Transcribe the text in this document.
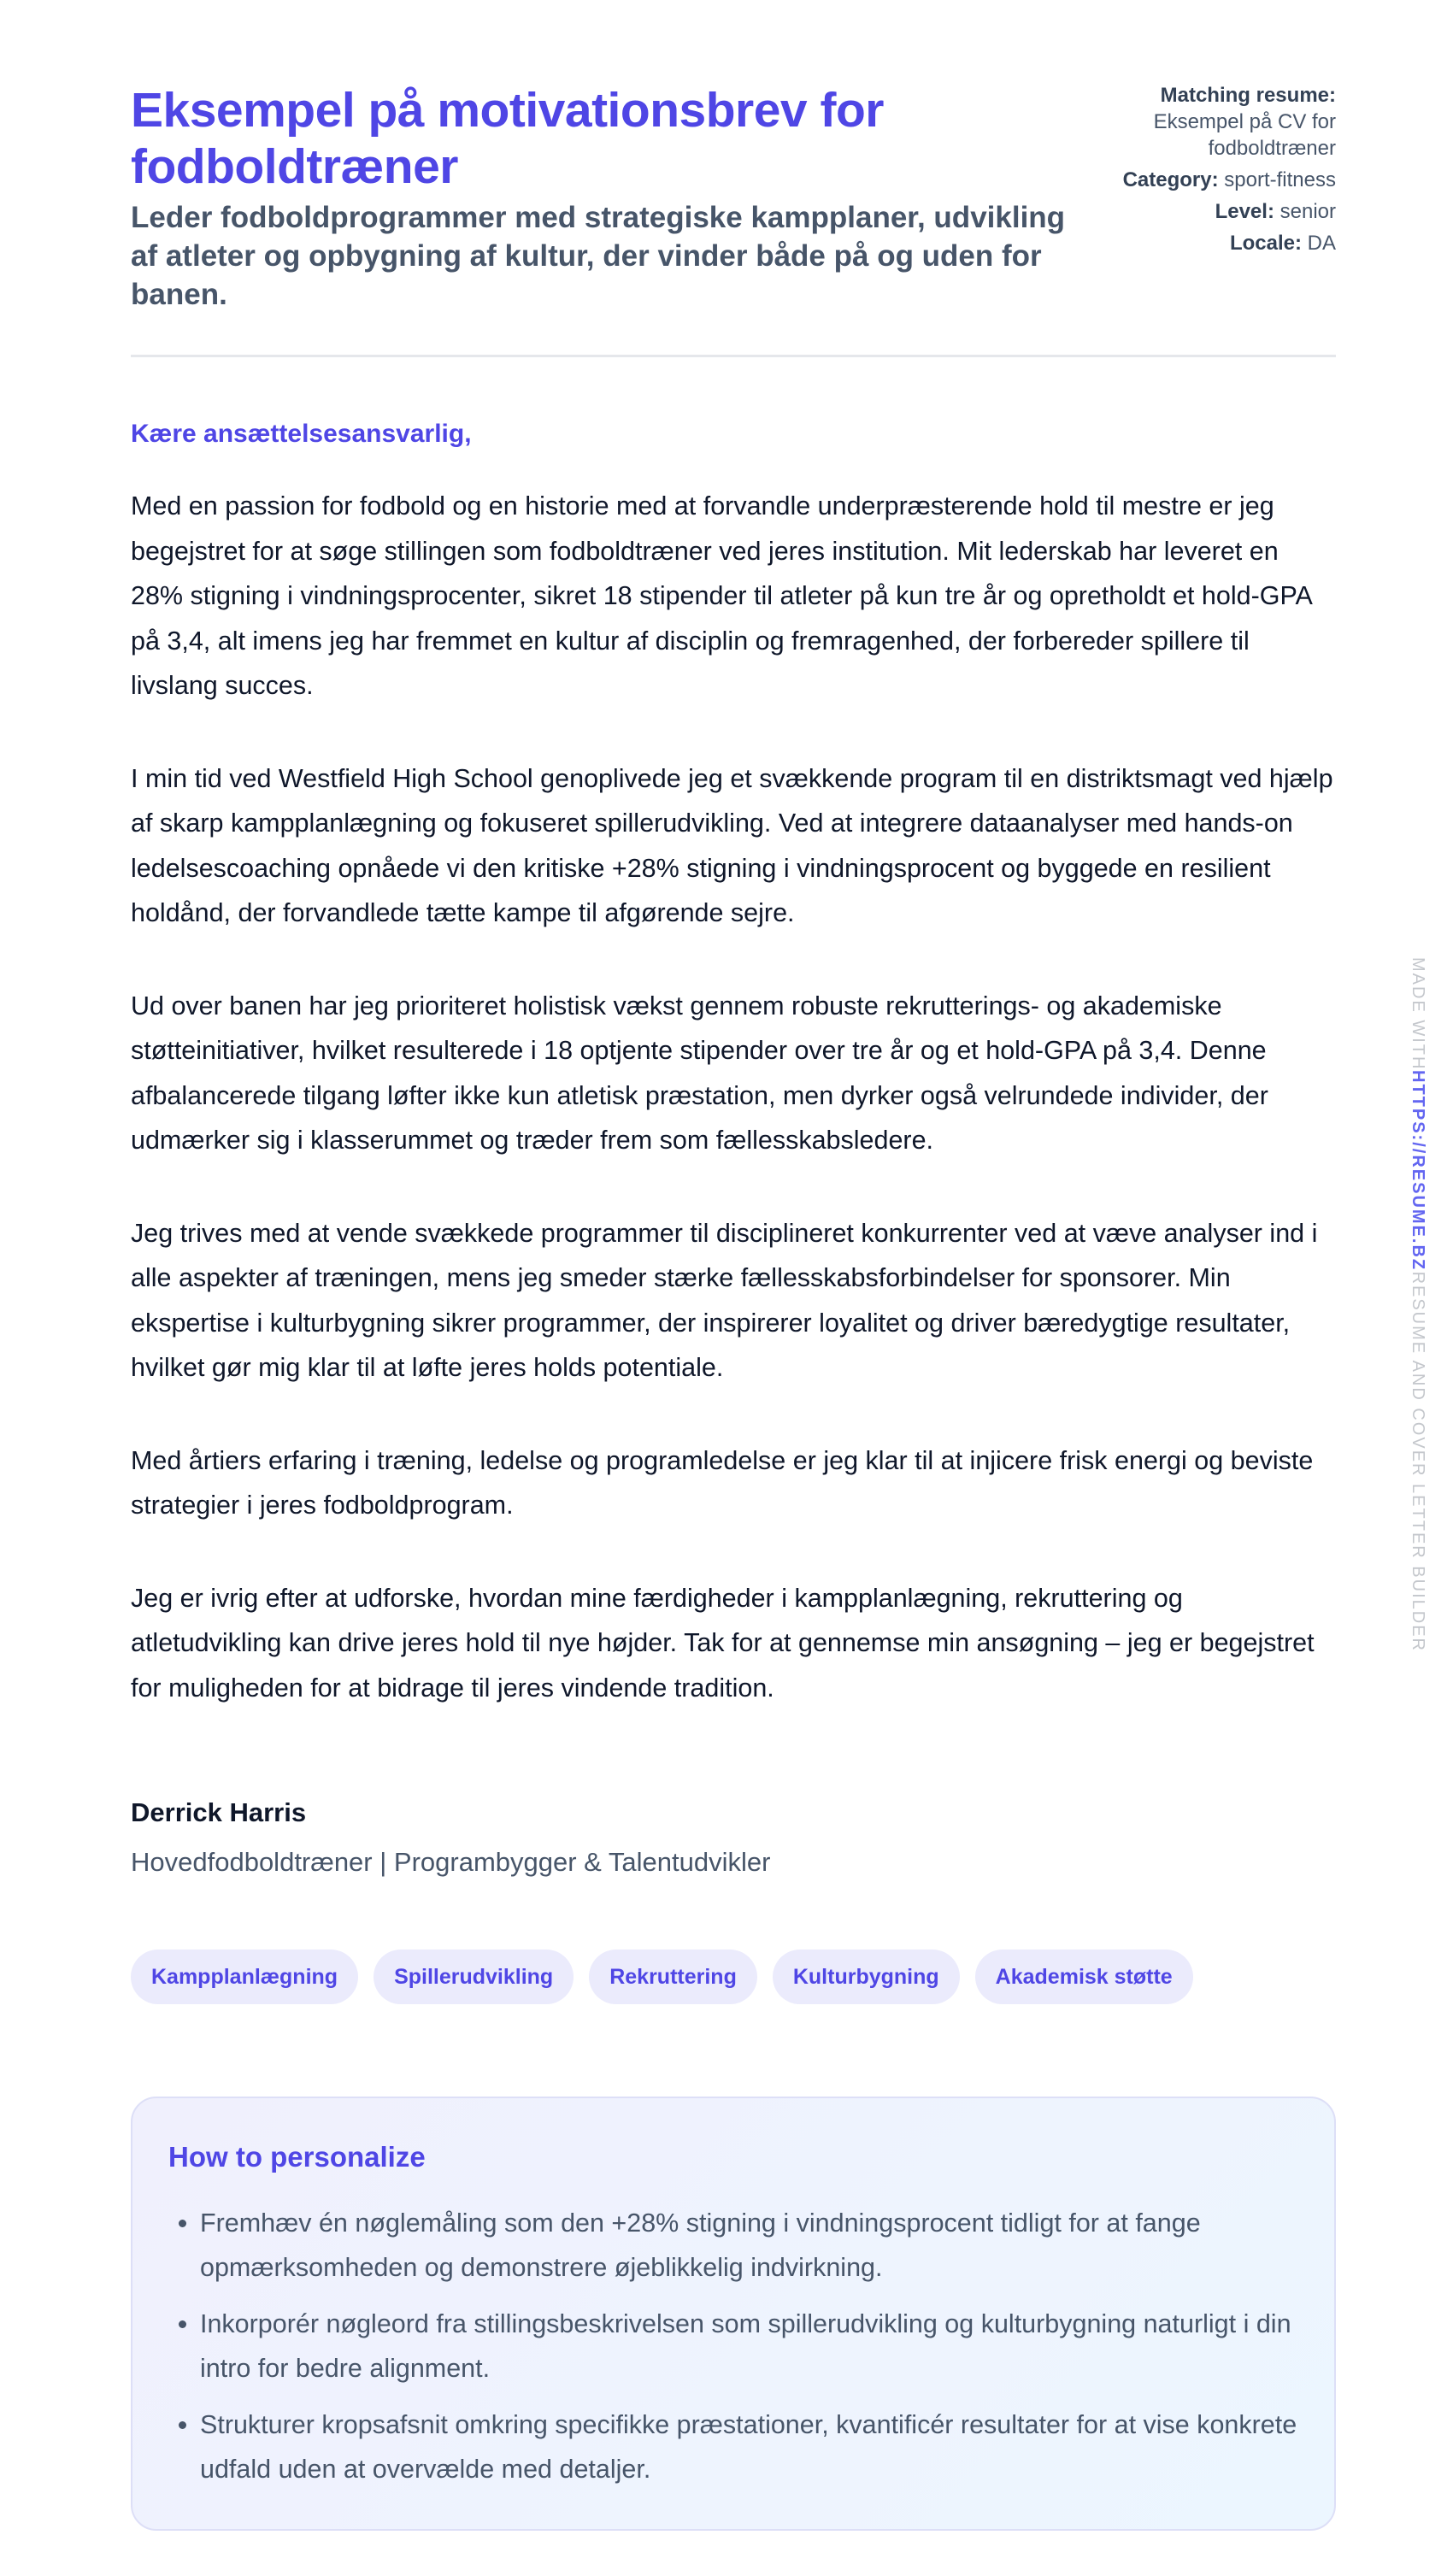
Eksempel på motivationsbrev for fodboldtræner
Leder fodboldprogrammer med strategiske kampplaner, udvikling af atleter og opbygning af kultur, der vinder både på og uden for banen.
Matching resume:
Eksempel på CV for fodboldtræner
Category: sport-fitness
Level: senior
Locale: DA

Kære ansættelsesansvarlig,

Med en passion for fodbold og en historie med at forvandle underpræsterende hold til mestre er jeg begejstret for at søge stillingen som fodboldtræner ved jeres institution. Mit lederskab har leveret en 28% stigning i vindningsprocenter, sikret 18 stipender til atleter på kun tre år og opretholdt et hold-GPA på 3,4, alt imens jeg har fremmet en kultur af disciplin og fremragenhed, der forbereder spillere til livslang succes.

I min tid ved Westfield High School genoplivede jeg et svækkende program til en distriktsmagt ved hjælp af skarp kampplanlægning og fokuseret spillerudvikling. Ved at integrere dataanalyser med hands-on ledelsescoaching opnåede vi den kritiske +28% stigning i vindningsprocent og byggede en resilient holdånd, der forvandlede tætte kampe til afgørende sejre.

Ud over banen har jeg prioriteret holistisk vækst gennem robuste rekrutterings- og akademiske støtteinitiativer, hvilket resulterede i 18 optjente stipender over tre år og et hold-GPA på 3,4. Denne afbalancerede tilgang løfter ikke kun atletisk præstation, men dyrker også velrundede individer, der udmærker sig i klasserummet og træder frem som fællesskabsledere.

Jeg trives med at vende svækkede programmer til disciplineret konkurrenter ved at væve analyser ind i alle aspekter af træningen, mens jeg smeder stærke fællesskabsforbindelser for sponsorer. Min ekspertise i kulturbygning sikrer programmer, der inspirerer loyalitet og driver bæredygtige resultater, hvilket gør mig klar til at løfte jeres holds potentiale.

Med årtiers erfaring i træning, ledelse og programledelse er jeg klar til at injicere frisk energi og beviste strategier i jeres fodboldprogram.

Jeg er ivrig efter at udforske, hvordan mine færdigheder i kampplanlægning, rekruttering og atletudvikling kan drive jeres hold til nye højder. Tak for at gennemse min ansøgning – jeg er begejstret for muligheden for at bidrage til jeres vindende tradition.

Derrick Harris

Hovedfodboldtræner | Programbygger & Talentudvikler

Kampplanlægning	Spillerudvikling	Rekruttering	Kulturbygning	Akademisk støtte
How to personalize
• Fremhæv én nøglemåling som den +28% stigning i vindningsprocent tidligt for at fange opmærksomheden og demonstrere øjeblikkelig indvirkning.
• Inkorporér nøgleord fra stillingsbeskrivelsen som spillerudvikling og kulturbygning naturligt i din intro for bedre alignment.
• Strukturer kropsafsnit omkring specifikke præstationer, kvantificér resultater for at vise konkrete udfald uden at overvælde med detaljer.
MADE WITHHTTPS://RESUME.BZRESUME AND COVER LETTER BUILDER
